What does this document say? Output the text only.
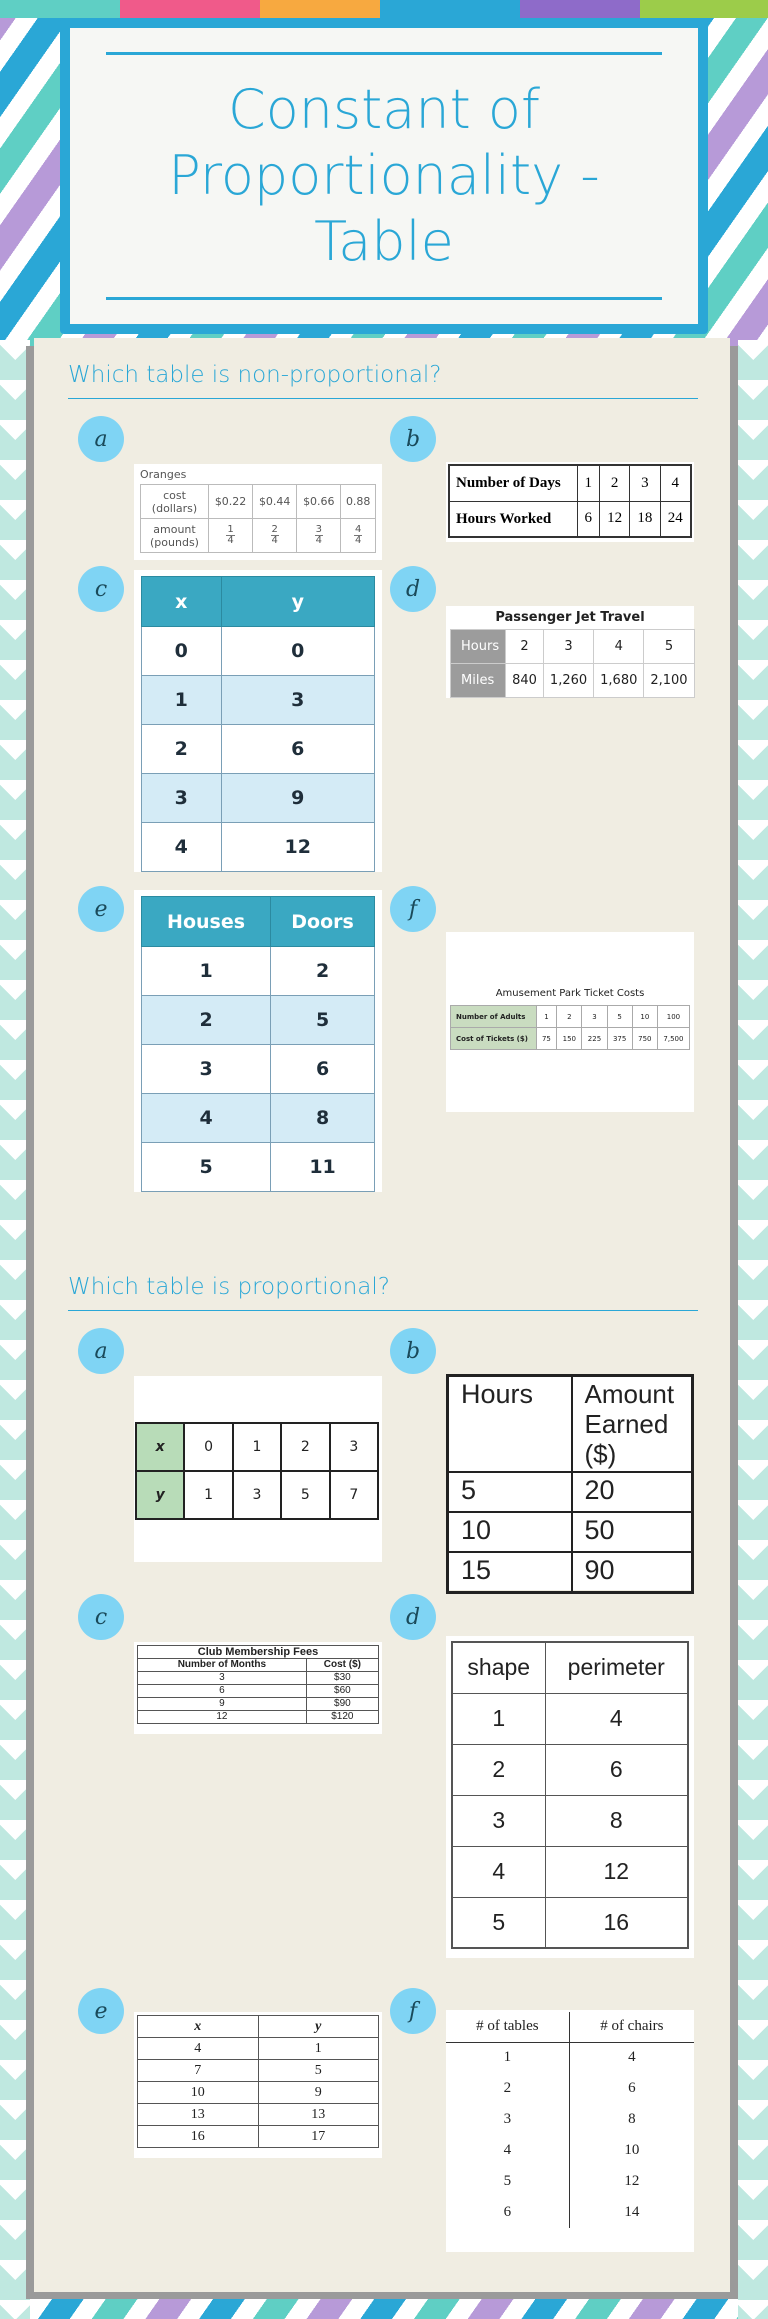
Constant of Proportionality - Table
Which table is non-proportional?
a	b
c	d
e	f
Oranges
cost (dollars)	$0.22	$0.44	$0.66	0.88
amount (pounds)	$\frac{1}{4}$	$\frac{2}{4}$	$\frac{3}{4}$	$\frac{4}{4}$
Number of Days	1	2	3	4
Hours Worked	6	12	18	24
x	y
0	0
1	3
2	6
3	9
4	12
Passenger Jet Travel
Hours	2	3	4	5
Miles	840	1,260	1,680	2,100
Houses	Doors
1	2
2	5
3	6
4	8
5	11
Amusement Park Ticket Costs
Number of Adults	1	2	3	5	10	100
Cost of Tickets ($)	75	150	225	375	750	7,500
Which table is proportional?
a	b
c	d
e	f
x	0	1	2	3
y	1	3	5	7
Hours	Amount Earned ($)
5	20
10	50
15	90
Club Membership Fees	
Number of Months	Cost ($)
3	$30
6	$60
9	$90
12	$120
shape	perimeter
1	4
2	6
3	8
4	12
5	16
x	y
4	1
7	5
10	9
13	13
16	17
# of tables	# of chairs
1	4
2	6
3	8
4	10
5	12
6	14
